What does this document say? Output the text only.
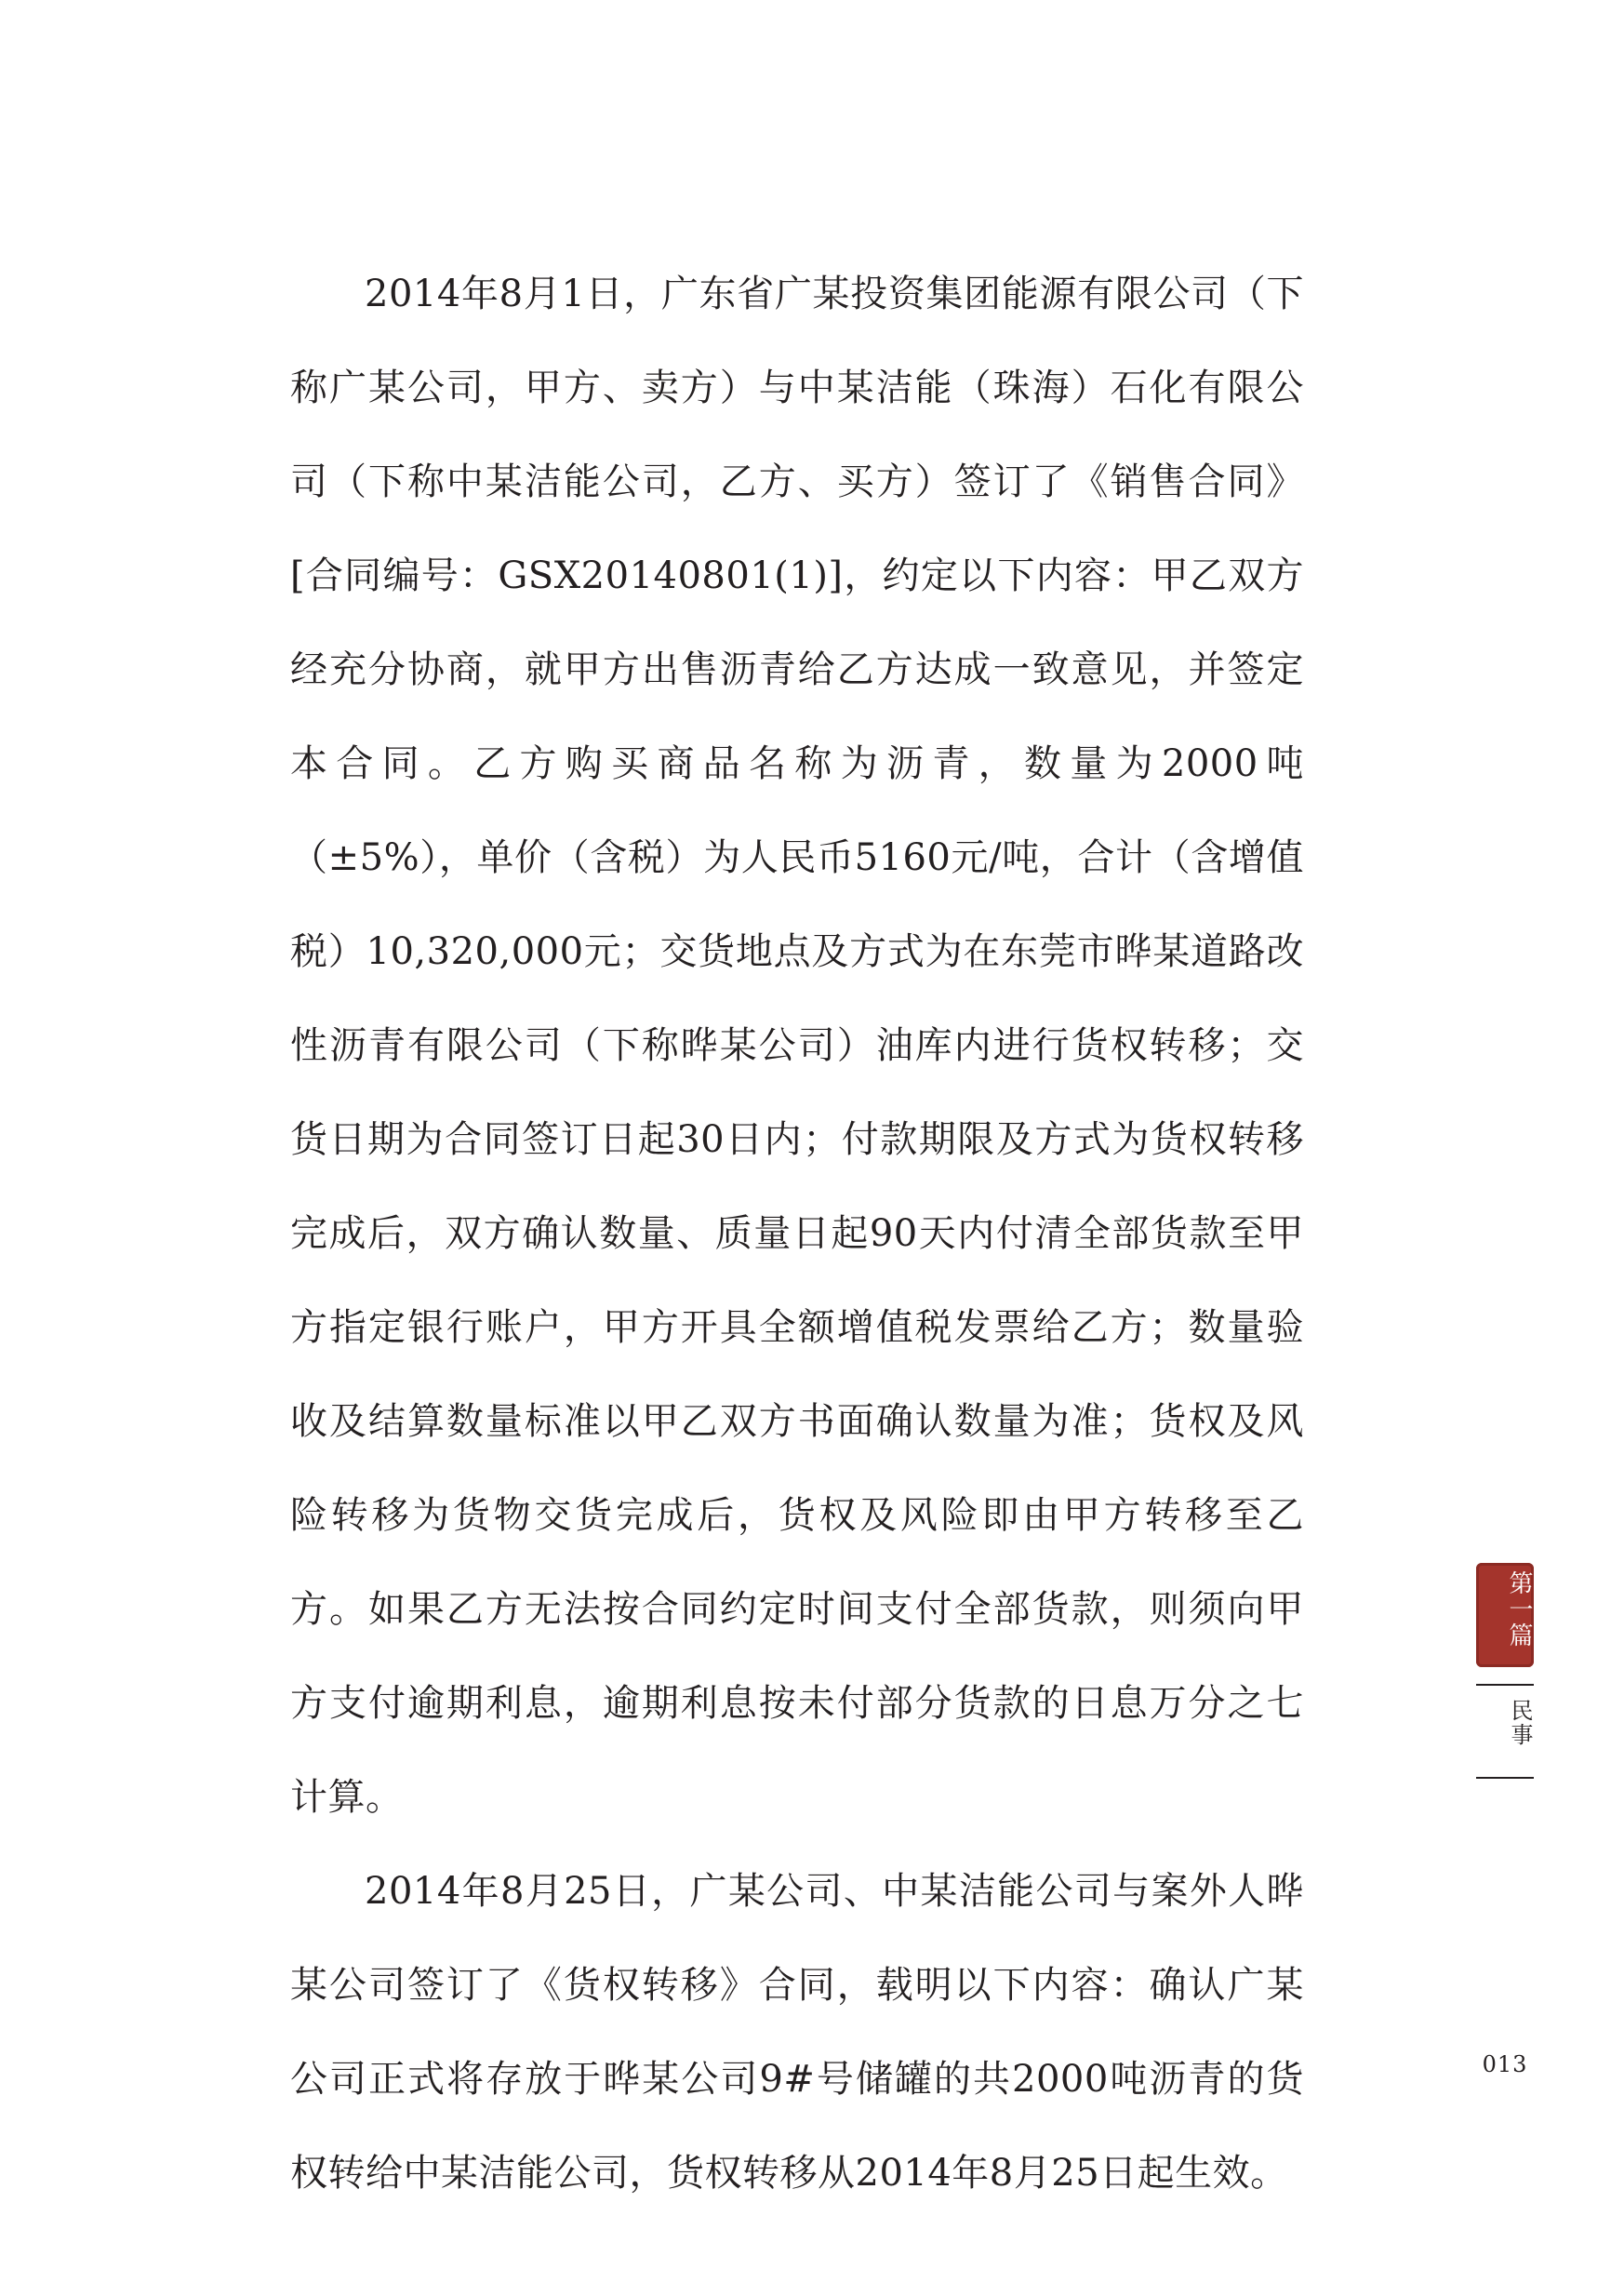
2014年8月1日，广东省广某投资集团能源有限公司（下称广某公司，甲方、卖方）与中某洁能（珠海）石化有限公司（下称中某洁能公司，乙方、买方）签订了《销售合同》[合同编号：GSX20140801(1)]，约定以下内容：甲乙双方经充分协商，就甲方出售沥青给乙方达成一致意见，并签定本合同。乙方购买商品名称为沥青，数量为2000吨（±5%），单价（含税）为人民币5160元/吨，合计（含增值税）10,320,000元；交货地点及方式为在东莞市晔某道路改性沥青有限公司（下称晔某公司）油库内进行货权转移；交货日期为合同签订日起30日内；付款期限及方式为货权转移完成后，双方确认数量、质量日起90天内付清全部货款至甲方指定银行账户，甲方开具全额增值税发票给乙方；数量验收及结算数量标准以甲乙双方书面确认数量为准；货权及风险转移为货物交货完成后，货权及风险即由甲方转移至乙方。如果乙方无法按合同约定时间支付全部货款，则须向甲方支付逾期利息，逾期利息按未付部分货款的日息万分之七计算。

2014年8月25日，广某公司、中某洁能公司与案外人晔某公司签订了《货权转移》合同，载明以下内容：确认广某公司正式将存放于晔某公司9#号储罐的共2000吨沥青的货权转给中某洁能公司，货权转移从2014年8月25日起生效。

第一篇

民事

013
